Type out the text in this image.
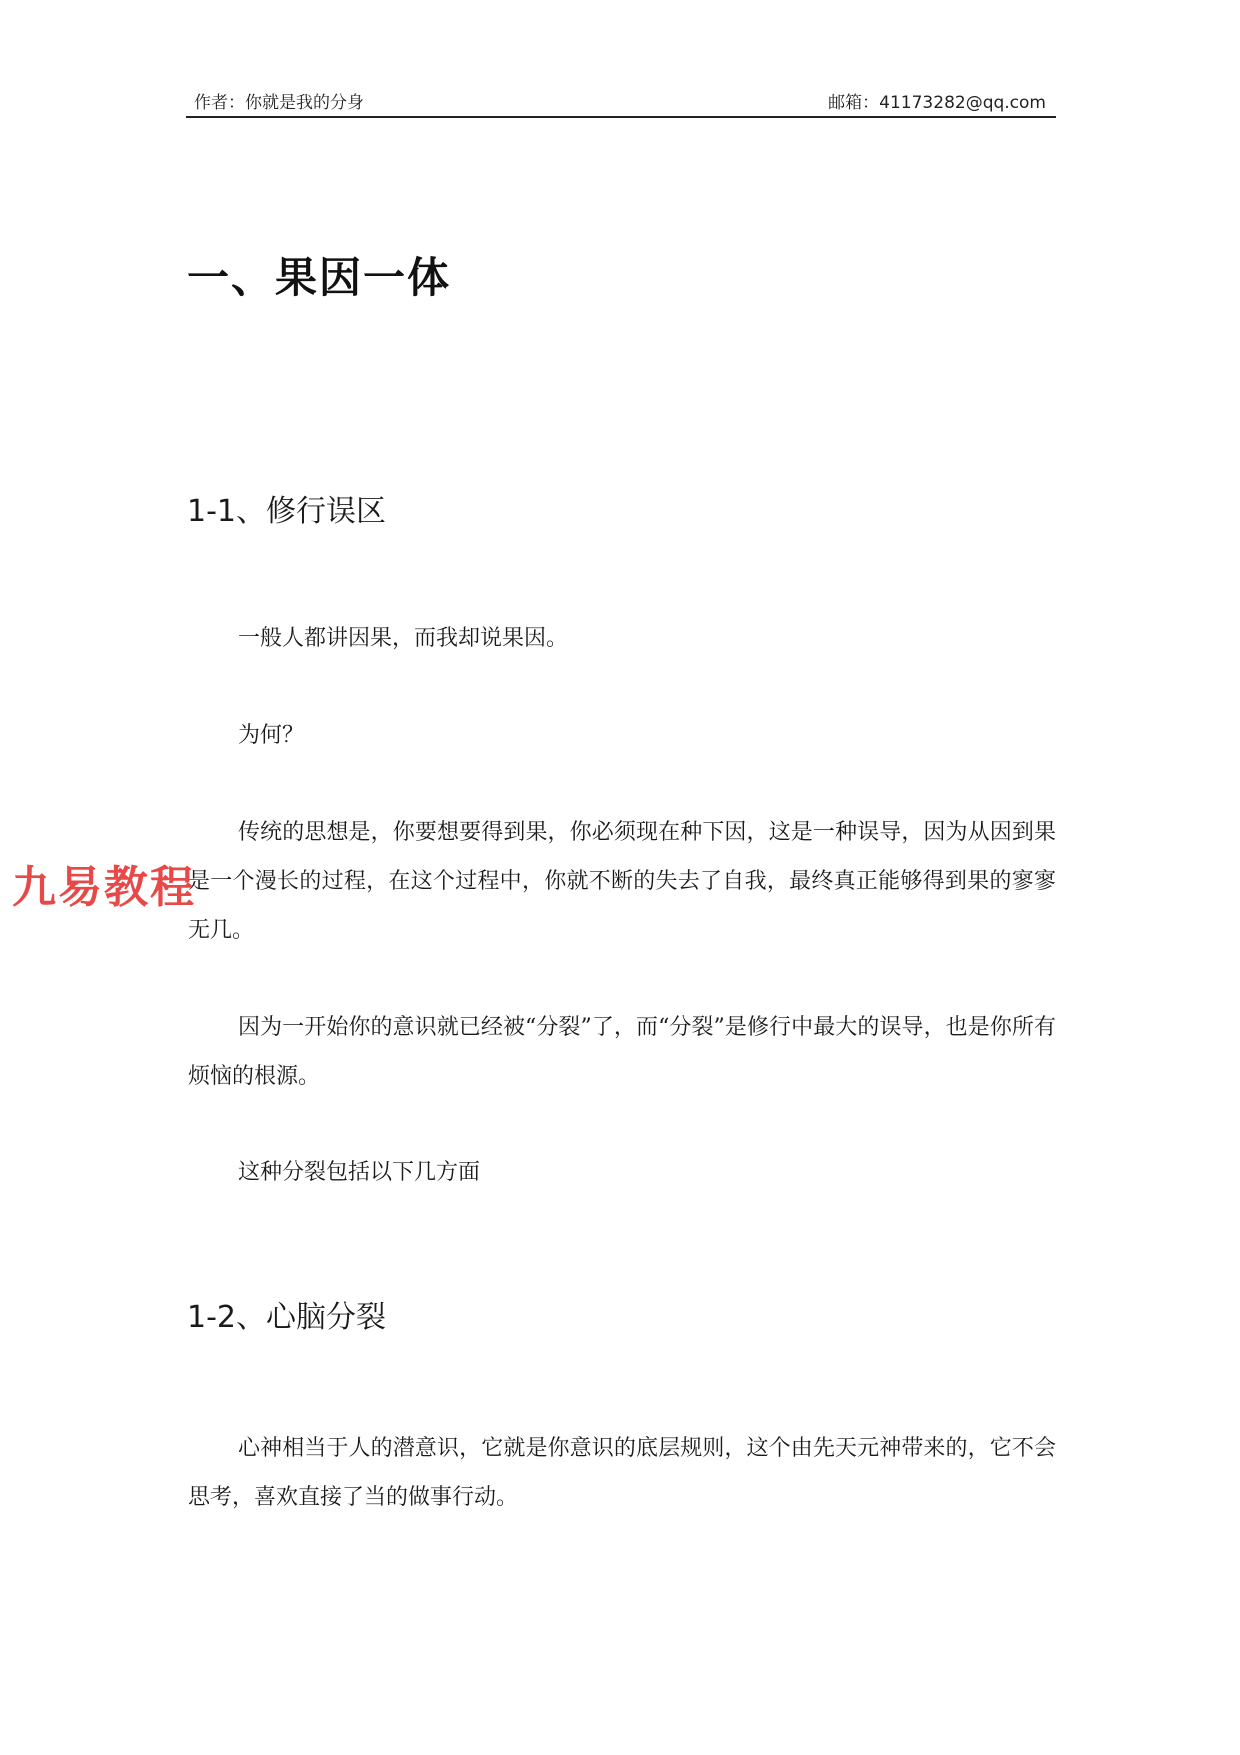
作者：你就是我的分身	邮箱：41173282@qq.com
一、果因一体
1-1、修行误区

一般人都讲因果，而我却说果因。

为何？

传统的思想是，你要想要得到果，你必须现在种下因，这是一种误导，因为从因到果是一个漫长的过程，在这个过程中，你就不断的失去了自我，最终真正能够得到果的寥寥无几。

因为一开始你的意识就已经被“分裂”了，而“分裂”是修行中最大的误导，也是你所有烦恼的根源。

这种分裂包括以下几方面

1-2、心脑分裂

心神相当于人的潜意识，它就是你意识的底层规则，这个由先天元神带来的，它不会思考，喜欢直接了当的做事行动。

九易教程
